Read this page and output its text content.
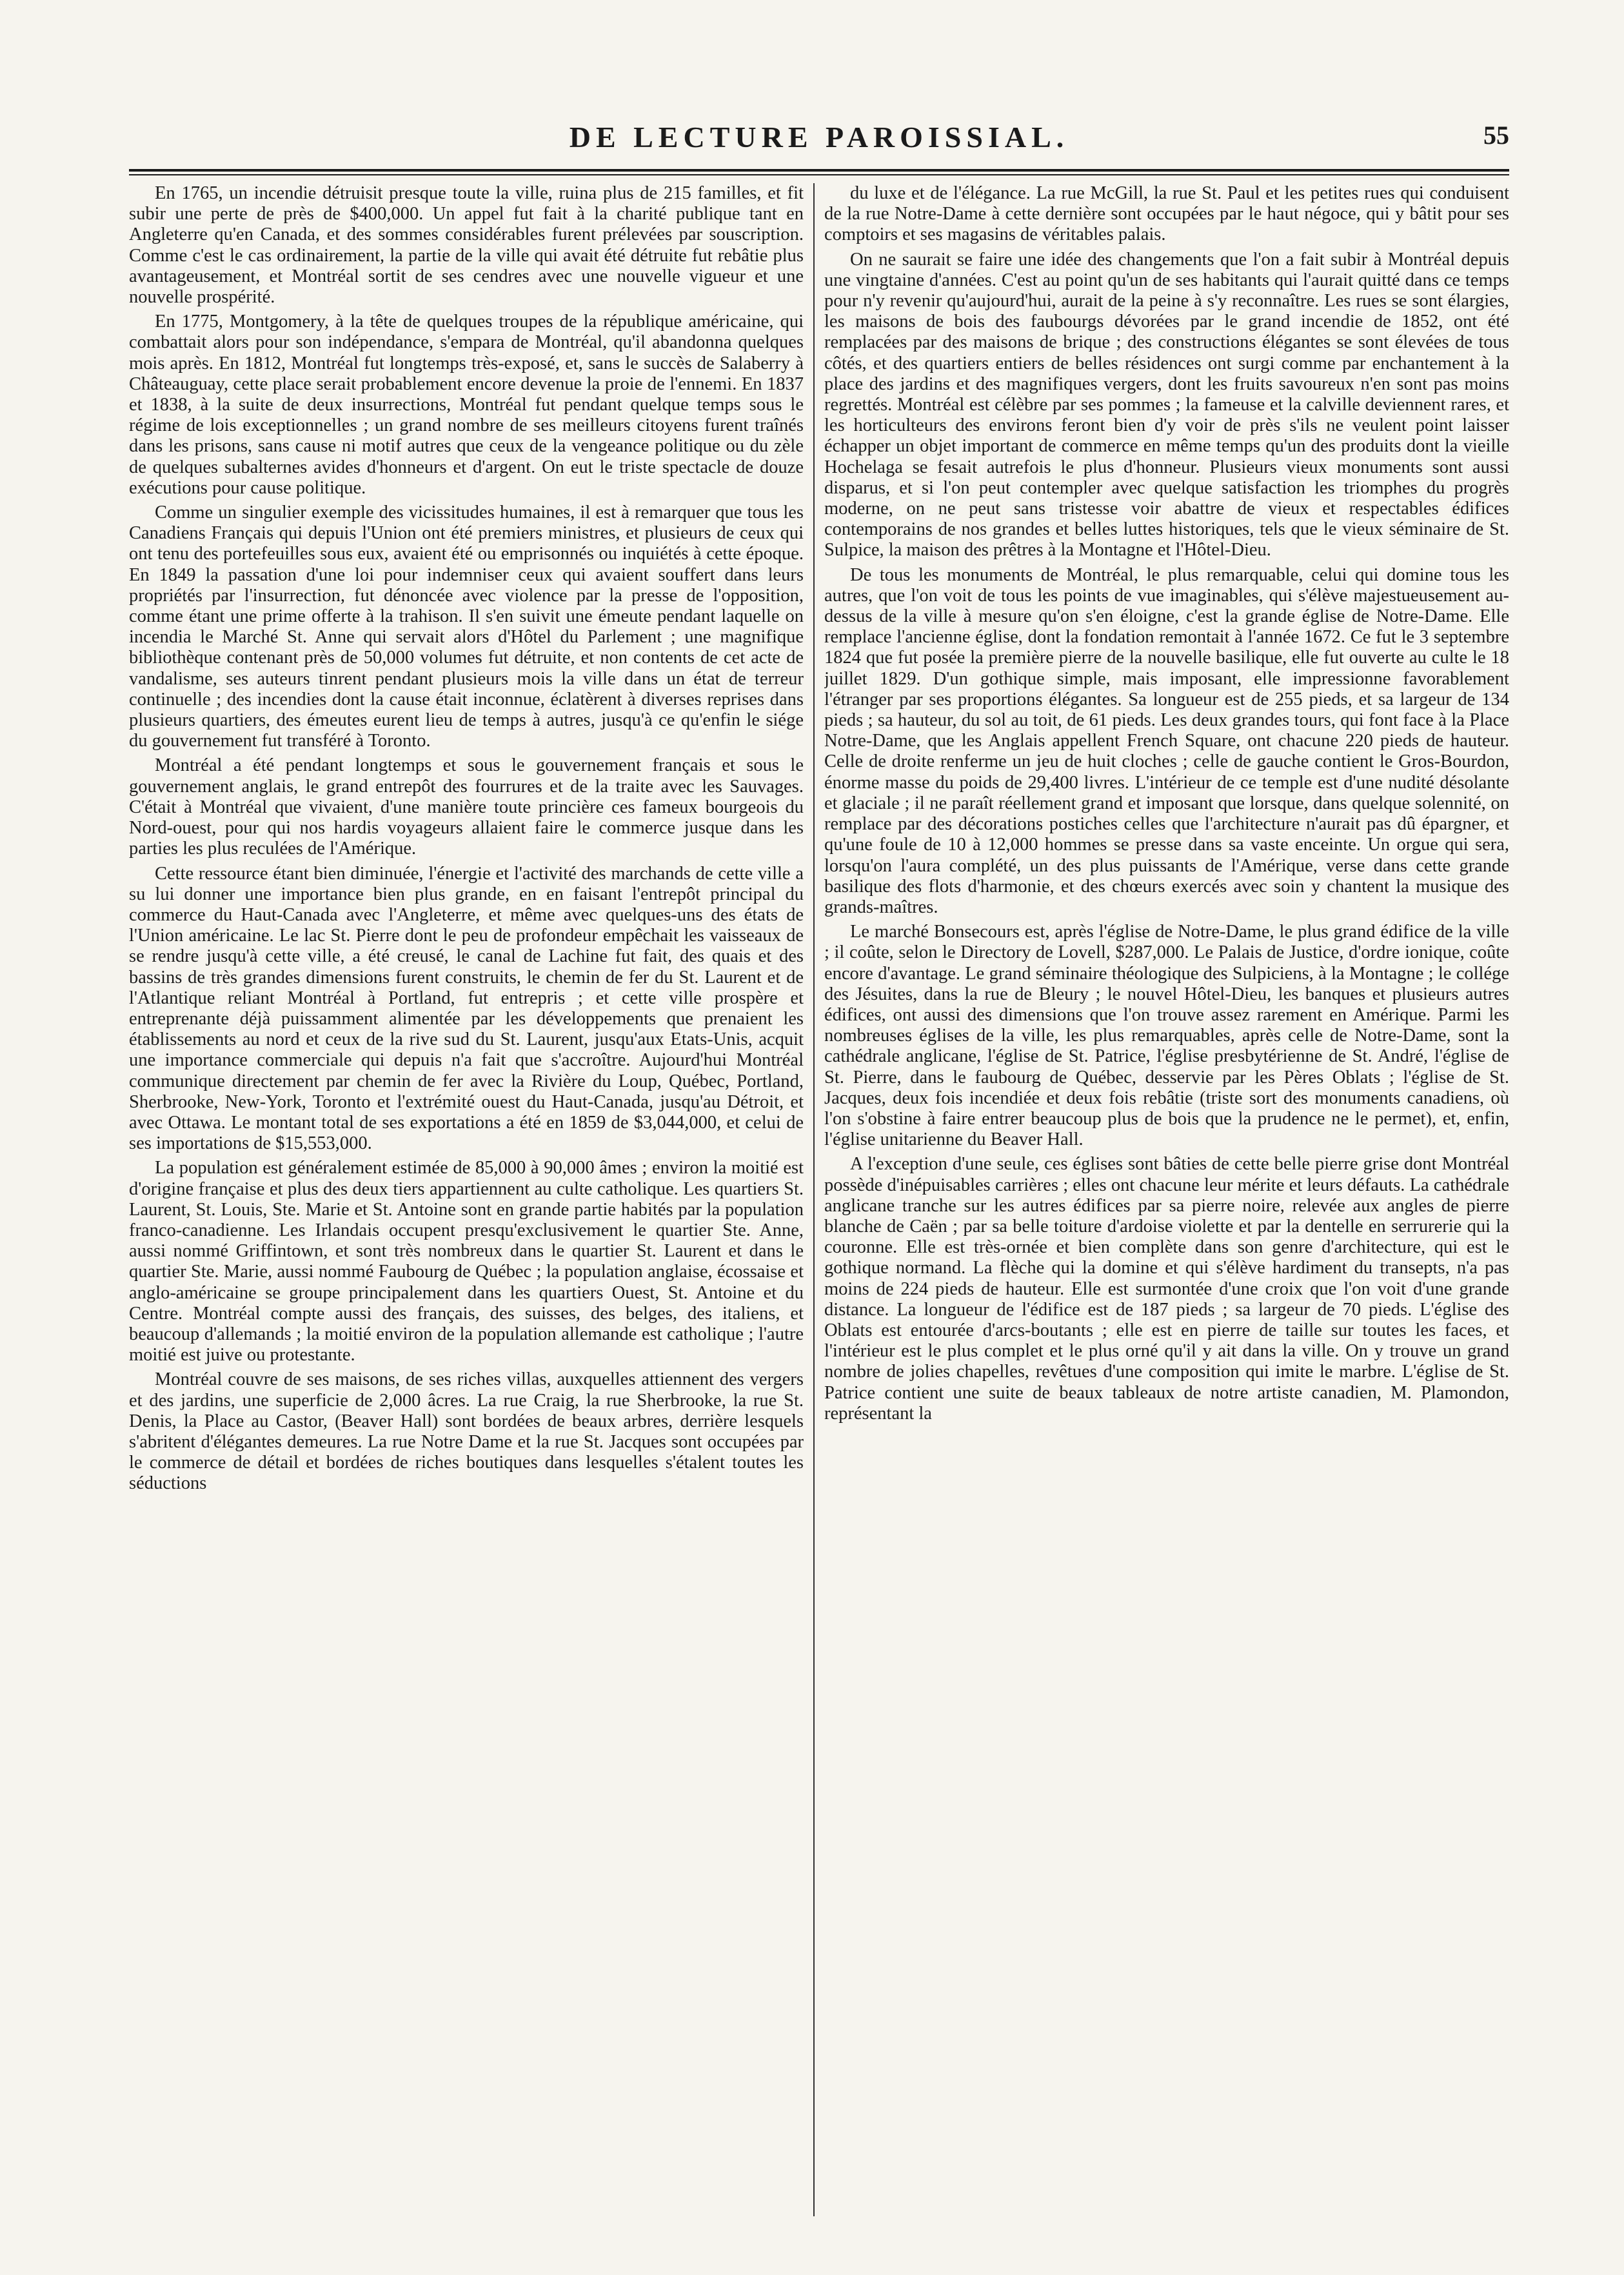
DE LECTURE PAROISSIAL.	55

En 1765, un incendie détruisit presque toute la ville, ruina plus de 215 familles, et fit subir une perte de près de $400,000. Un appel fut fait à la charité publique tant en Angleterre qu'en Canada, et des sommes considérables furent prélevées par souscription. Comme c'est le cas ordinairement, la partie de la ville qui avait été détruite fut rebâtie plus avantageusement, et Montréal sortit de ses cendres avec une nouvelle vigueur et une nouvelle prospérité.

En 1775, Montgomery, à la tête de quelques troupes de la république américaine, qui combattait alors pour son indépendance, s'empara de Montréal, qu'il abandonna quelques mois après. En 1812, Montréal fut longtemps très-exposé, et, sans le succès de Salaberry à Châteauguay, cette place serait probablement encore devenue la proie de l'ennemi. En 1837 et 1838, à la suite de deux insurrections, Montréal fut pendant quelque temps sous le régime de lois exceptionnelles ; un grand nombre de ses meilleurs citoyens furent traînés dans les prisons, sans cause ni motif autres que ceux de la vengeance politique ou du zèle de quelques subalternes avides d'honneurs et d'argent. On eut le triste spectacle de douze exécutions pour cause politique.

Comme un singulier exemple des vicissitudes humaines, il est à remarquer que tous les Canadiens Français qui depuis l'Union ont été premiers ministres, et plusieurs de ceux qui ont tenu des portefeuilles sous eux, avaient été ou emprisonnés ou inquiétés à cette époque. En 1849 la passation d'une loi pour indemniser ceux qui avaient souffert dans leurs propriétés par l'insurrection, fut dénoncée avec violence par la presse de l'opposition, comme étant une prime offerte à la trahison. Il s'en suivit une émeute pendant laquelle on incendia le Marché St. Anne qui servait alors d'Hôtel du Parlement ; une magnifique bibliothèque contenant près de 50,000 volumes fut détruite, et non contents de cet acte de vandalisme, ses auteurs tinrent pendant plusieurs mois la ville dans un état de terreur continuelle ; des incendies dont la cause était inconnue, éclatèrent à diverses reprises dans plusieurs quartiers, des émeutes eurent lieu de temps à autres, jusqu'à ce qu'enfin le siége du gouvernement fut transféré à Toronto.

Montréal a été pendant longtemps et sous le gouvernement français et sous le gouvernement anglais, le grand entrepôt des fourrures et de la traite avec les Sauvages. C'était à Montréal que vivaient, d'une manière toute princière ces fameux bourgeois du Nord-ouest, pour qui nos hardis voyageurs allaient faire le commerce jusque dans les parties les plus reculées de l'Amérique.

Cette ressource étant bien diminuée, l'énergie et l'activité des marchands de cette ville a su lui donner une importance bien plus grande, en en faisant l'entrepôt principal du commerce du Haut-Canada avec l'Angleterre, et même avec quelques-uns des états de l'Union américaine. Le lac St. Pierre dont le peu de profondeur empêchait les vaisseaux de se rendre jusqu'à cette ville, a été creusé, le canal de Lachine fut fait, des quais et des bassins de très grandes dimensions furent construits, le chemin de fer du St. Laurent et de l'Atlantique reliant Montréal à Portland, fut entrepris ; et cette ville prospère et entreprenante déjà puissamment alimentée par les développements que prenaient les établissements au nord et ceux de la rive sud du St. Laurent, jusqu'aux Etats-Unis, acquit une importance commerciale qui depuis n'a fait que s'accroître. Aujourd'hui Montréal communique directement par chemin de fer avec la Rivière du Loup, Québec, Portland, Sherbrooke, New-York, Toronto et l'extrémité ouest du Haut-Canada, jusqu'au Détroit, et avec Ottawa. Le montant total de ses exportations a été en 1859 de $3,044,000, et celui de ses importations de $15,553,000.

La population est généralement estimée de 85,000 à 90,000 âmes ; environ la moitié est d'origine française et plus des deux tiers appartiennent au culte catholique. Les quartiers St. Laurent, St. Louis, Ste. Marie et St. Antoine sont en grande partie habités par la population franco-canadienne. Les Irlandais occupent presqu'exclusivement le quartier Ste. Anne, aussi nommé Griffintown, et sont très nombreux dans le quartier St. Laurent et dans le quartier Ste. Marie, aussi nommé Faubourg de Québec ; la population anglaise, écossaise et anglo-américaine se groupe principalement dans les quartiers Ouest, St. Antoine et du Centre. Montréal compte aussi des français, des suisses, des belges, des italiens, et beaucoup d'allemands ; la moitié environ de la population allemande est catholique ; l'autre moitié est juive ou protestante.

Montréal couvre de ses maisons, de ses riches villas, auxquelles attiennent des vergers et des jardins, une superficie de 2,000 âcres. La rue Craig, la rue Sherbrooke, la rue St. Denis, la Place au Castor, (Beaver Hall) sont bordées de beaux arbres, derrière lesquels s'abritent d'élégantes demeures. La rue Notre Dame et la rue St. Jacques sont occupées par le commerce de détail et bordées de riches boutiques dans lesquelles s'étalent toutes les séductions

du luxe et de l'élégance. La rue McGill, la rue St. Paul et les petites rues qui conduisent de la rue Notre-Dame à cette dernière sont occupées par le haut négoce, qui y bâtit pour ses comptoirs et ses magasins de véritables palais.

On ne saurait se faire une idée des changements que l'on a fait subir à Montréal depuis une vingtaine d'années. C'est au point qu'un de ses habitants qui l'aurait quitté dans ce temps pour n'y revenir qu'aujourd'hui, aurait de la peine à s'y reconnaître. Les rues se sont élargies, les maisons de bois des faubourgs dévorées par le grand incendie de 1852, ont été remplacées par des maisons de brique ; des constructions élégantes se sont élevées de tous côtés, et des quartiers entiers de belles résidences ont surgi comme par enchantement à la place des jardins et des magnifiques vergers, dont les fruits savoureux n'en sont pas moins regrettés. Montréal est célèbre par ses pommes ; la fameuse et la calville deviennent rares, et les horticulteurs des environs feront bien d'y voir de près s'ils ne veulent point laisser échapper un objet important de commerce en même temps qu'un des produits dont la vieille Hochelaga se fesait autrefois le plus d'honneur. Plusieurs vieux monuments sont aussi disparus, et si l'on peut contempler avec quelque satisfaction les triomphes du progrès moderne, on ne peut sans tristesse voir abattre de vieux et respectables édifices contemporains de nos grandes et belles luttes historiques, tels que le vieux séminaire de St. Sulpice, la maison des prêtres à la Montagne et l'Hôtel-Dieu.

De tous les monuments de Montréal, le plus remarquable, celui qui domine tous les autres, que l'on voit de tous les points de vue imaginables, qui s'élève majestueusement au-dessus de la ville à mesure qu'on s'en éloigne, c'est la grande église de Notre-Dame. Elle remplace l'ancienne église, dont la fondation remontait à l'année 1672. Ce fut le 3 septembre 1824 que fut posée la première pierre de la nouvelle basilique, elle fut ouverte au culte le 18 juillet 1829. D'un gothique simple, mais imposant, elle impressionne favorablement l'étranger par ses proportions élégantes. Sa longueur est de 255 pieds, et sa largeur de 134 pieds ; sa hauteur, du sol au toit, de 61 pieds. Les deux grandes tours, qui font face à la Place Notre-Dame, que les Anglais appellent French Square, ont chacune 220 pieds de hauteur. Celle de droite renferme un jeu de huit cloches ; celle de gauche contient le Gros-Bourdon, énorme masse du poids de 29,400 livres. L'intérieur de ce temple est d'une nudité désolante et glaciale ; il ne paraît réellement grand et imposant que lorsque, dans quelque solennité, on remplace par des décorations postiches celles que l'architecture n'aurait pas dû épargner, et qu'une foule de 10 à 12,000 hommes se presse dans sa vaste enceinte. Un orgue qui sera, lorsqu'on l'aura complété, un des plus puissants de l'Amérique, verse dans cette grande basilique des flots d'harmonie, et des chœurs exercés avec soin y chantent la musique des grands-maîtres.

Le marché Bonsecours est, après l'église de Notre-Dame, le plus grand édifice de la ville ; il coûte, selon le Directory de Lovell, $287,000. Le Palais de Justice, d'ordre ionique, coûte encore d'avantage. Le grand séminaire théologique des Sulpiciens, à la Montagne ; le collége des Jésuites, dans la rue de Bleury ; le nouvel Hôtel-Dieu, les banques et plusieurs autres édifices, ont aussi des dimensions que l'on trouve assez rarement en Amérique. Parmi les nombreuses églises de la ville, les plus remarquables, après celle de Notre-Dame, sont la cathédrale anglicane, l'église de St. Patrice, l'église presbytérienne de St. André, l'église de St. Pierre, dans le faubourg de Québec, desservie par les Pères Oblats ; l'église de St. Jacques, deux fois incendiée et deux fois rebâtie (triste sort des monuments canadiens, où l'on s'obstine à faire entrer beaucoup plus de bois que la prudence ne le permet), et, enfin, l'église unitarienne du Beaver Hall.

A l'exception d'une seule, ces églises sont bâties de cette belle pierre grise dont Montréal possède d'inépuisables carrières ; elles ont chacune leur mérite et leurs défauts. La cathédrale anglicane tranche sur les autres édifices par sa pierre noire, relevée aux angles de pierre blanche de Caën ; par sa belle toiture d'ardoise violette et par la dentelle en serrurerie qui la couronne. Elle est très-ornée et bien complète dans son genre d'architecture, qui est le gothique normand. La flèche qui la domine et qui s'élève hardiment du transepts, n'a pas moins de 224 pieds de hauteur. Elle est surmontée d'une croix que l'on voit d'une grande distance. La longueur de l'édifice est de 187 pieds ; sa largeur de 70 pieds. L'église des Oblats est entourée d'arcs-boutants ; elle est en pierre de taille sur toutes les faces, et l'intérieur est le plus complet et le plus orné qu'il y ait dans la ville. On y trouve un grand nombre de jolies chapelles, revêtues d'une composition qui imite le marbre. L'église de St. Patrice contient une suite de beaux tableaux de notre artiste canadien, M. Plamondon, représentant la
